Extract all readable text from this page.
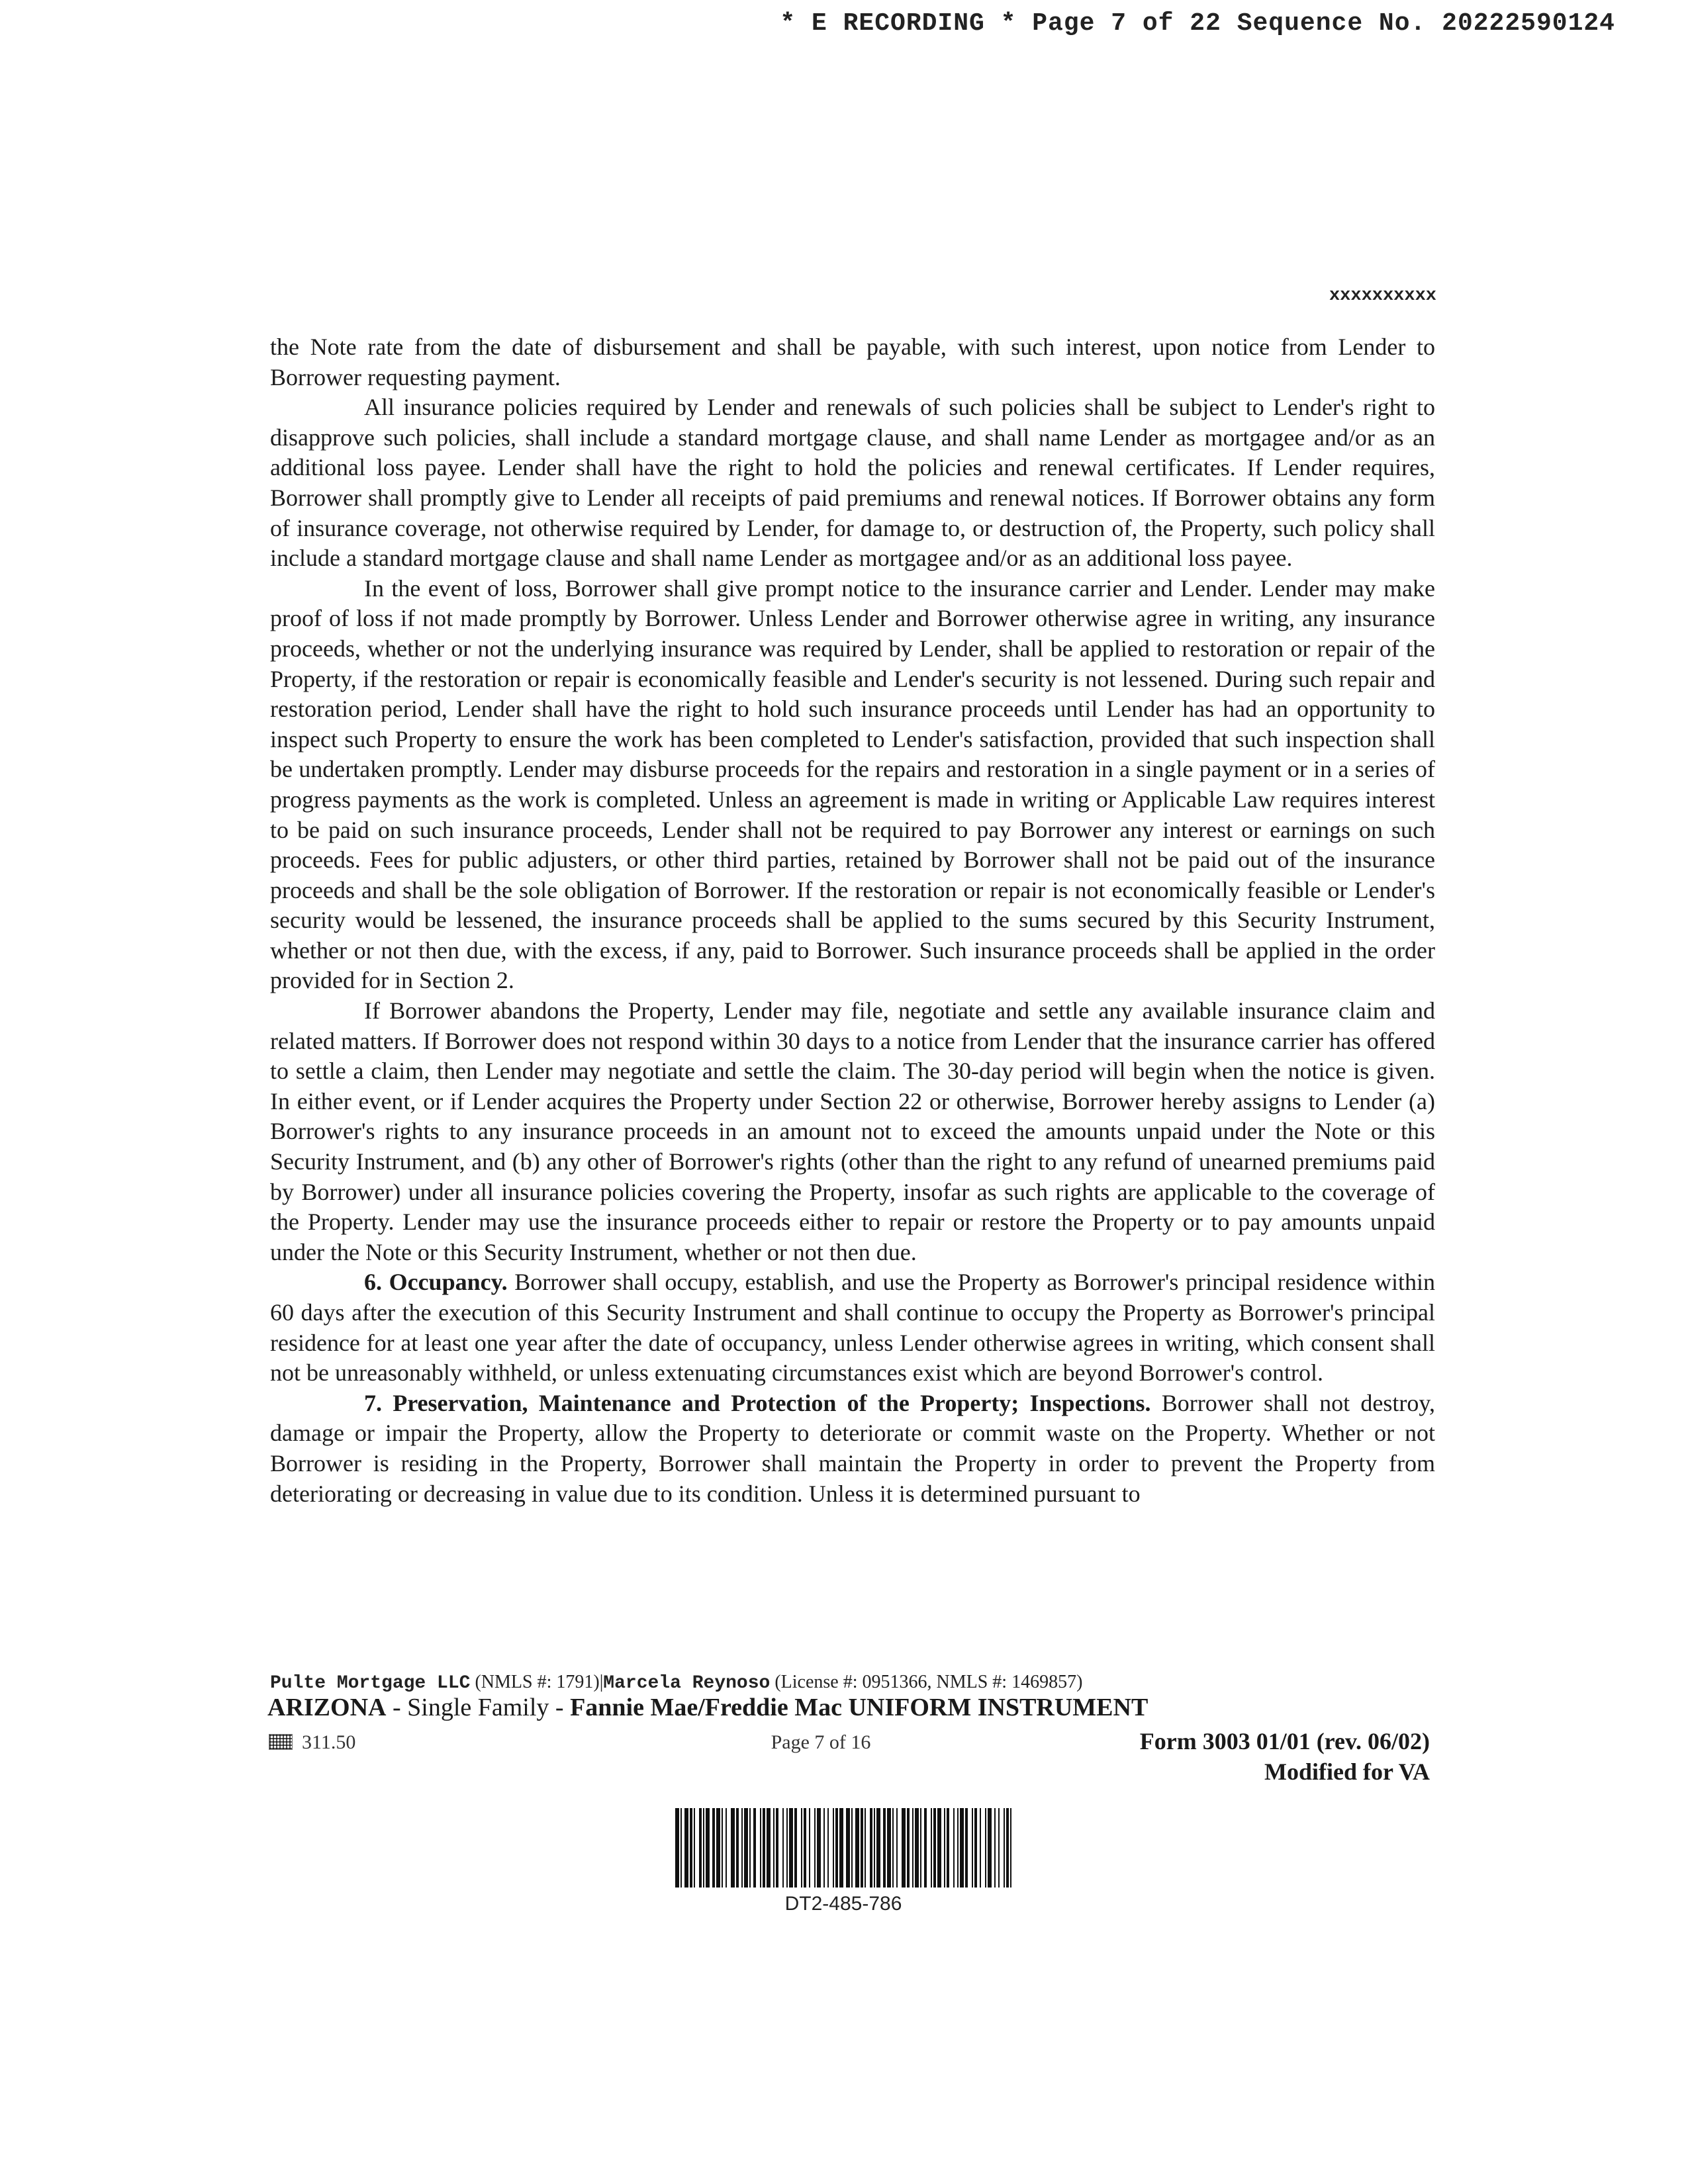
* E RECORDING * Page 7 of 22 Sequence No. 20222590124
xxxxxxxxxx

the Note rate from the date of disbursement and shall be payable, with such interest, upon notice from Lender to Borrower requesting payment.

All insurance policies required by Lender and renewals of such policies shall be subject to Lender's right to disapprove such policies, shall include a standard mortgage clause, and shall name Lender as mortgagee and/or as an additional loss payee. Lender shall have the right to hold the policies and renewal certificates. If Lender requires, Borrower shall promptly give to Lender all receipts of paid premiums and renewal notices. If Borrower obtains any form of insurance coverage, not otherwise required by Lender, for damage to, or destruction of, the Property, such policy shall include a standard mortgage clause and shall name Lender as mortgagee and/or as an additional loss payee.

In the event of loss, Borrower shall give prompt notice to the insurance carrier and Lender. Lender may make proof of loss if not made promptly by Borrower. Unless Lender and Borrower otherwise agree in writing, any insurance proceeds, whether or not the underlying insurance was required by Lender, shall be applied to restoration or repair of the Property, if the restoration or repair is economically feasible and Lender's security is not lessened. During such repair and restoration period, Lender shall have the right to hold such insurance proceeds until Lender has had an opportunity to inspect such Property to ensure the work has been completed to Lender's satisfaction, provided that such inspection shall be undertaken promptly. Lender may disburse proceeds for the repairs and restoration in a single payment or in a series of progress payments as the work is completed. Unless an agreement is made in writing or Applicable Law requires interest to be paid on such insurance proceeds, Lender shall not be required to pay Borrower any interest or earnings on such proceeds. Fees for public adjusters, or other third parties, retained by Borrower shall not be paid out of the insurance proceeds and shall be the sole obligation of Borrower. If the restoration or repair is not economically feasible or Lender's security would be lessened, the insurance proceeds shall be applied to the sums secured by this Security Instrument, whether or not then due, with the excess, if any, paid to Borrower. Such insurance proceeds shall be applied in the order provided for in Section 2.

If Borrower abandons the Property, Lender may file, negotiate and settle any available insurance claim and related matters. If Borrower does not respond within 30 days to a notice from Lender that the insurance carrier has offered to settle a claim, then Lender may negotiate and settle the claim. The 30-day period will begin when the notice is given. In either event, or if Lender acquires the Property under Section 22 or otherwise, Borrower hereby assigns to Lender (a) Borrower's rights to any insurance proceeds in an amount not to exceed the amounts unpaid under the Note or this Security Instrument, and (b) any other of Borrower's rights (other than the right to any refund of unearned premiums paid by Borrower) under all insurance policies covering the Property, insofar as such rights are applicable to the coverage of the Property. Lender may use the insurance proceeds either to repair or restore the Property or to pay amounts unpaid under the Note or this Security Instrument, whether or not then due.

6. Occupancy. Borrower shall occupy, establish, and use the Property as Borrower's principal residence within 60 days after the execution of this Security Instrument and shall continue to occupy the Property as Borrower's principal residence for at least one year after the date of occupancy, unless Lender otherwise agrees in writing, which consent shall not be unreasonably withheld, or unless extenuating circumstances exist which are beyond Borrower's control.

7. Preservation, Maintenance and Protection of the Property; Inspections. Borrower shall not destroy, damage or impair the Property, allow the Property to deteriorate or commit waste on the Property. Whether or not Borrower is residing in the Property, Borrower shall maintain the Property in order to prevent the Property from deteriorating or decreasing in value due to its condition. Unless it is determined pursuant to

Pulte Mortgage LLC (NMLS #: 1791)|Marcela Reynoso (License #: 0951366, NMLS #: 1469857)
ARIZONA - Single Family - Fannie Mae/Freddie Mac UNIFORM INSTRUMENT
311.50	Page 7 of 16	Form 3003 01/01 (rev. 06/02)
Modified for VA
DT2-485-786
